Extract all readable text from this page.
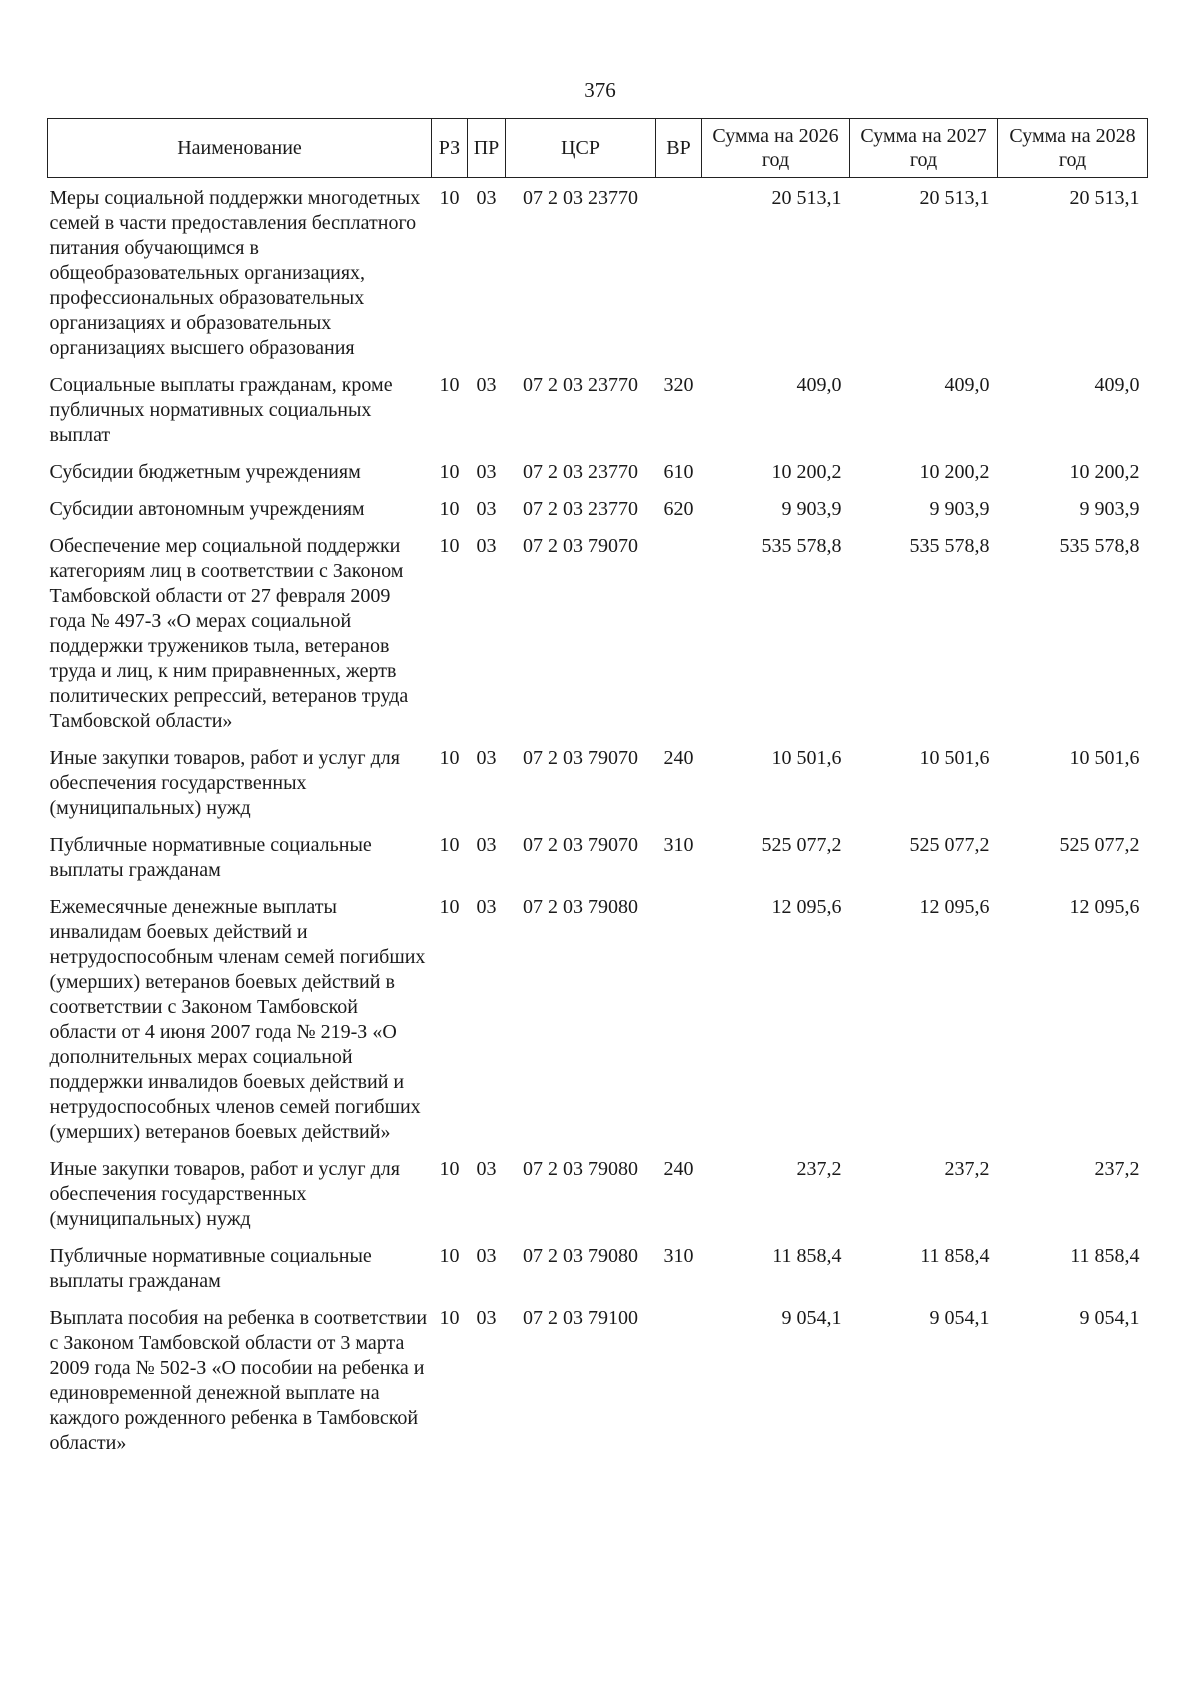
376
Наименование	РЗ	ПР	ЦСР	ВР	Сумма на 2026 год	Сумма на 2027 год	Сумма на 2028 год
Меры социальной поддержки многодетных семей в части предоставления бесплатного питания обучающимся в общеобразовательных организациях, профессиональных образовательных организациях и образовательных организациях высшего образования	10	03	07 2 03 23770		20 513,1	20 513,1	20 513,1
Социальные выплаты гражданам, кроме публичных нормативных социальных выплат	10	03	07 2 03 23770	320	409,0	409,0	409,0
Субсидии бюджетным учреждениям	10	03	07 2 03 23770	610	10 200,2	10 200,2	10 200,2
Субсидии автономным учреждениям	10	03	07 2 03 23770	620	9 903,9	9 903,9	9 903,9
Обеспечение мер социальной поддержки категориям лиц в соответствии с Законом Тамбовской области от 27 февраля 2009 года № 497-З «О мерах социальной поддержки тружеников тыла, ветеранов труда и лиц, к ним приравненных, жертв политических репрессий, ветеранов труда Тамбовской области»	10	03	07 2 03 79070		535 578,8	535 578,8	535 578,8
Иные закупки товаров, работ и услуг для обеспечения государственных (муниципальных) нужд	10	03	07 2 03 79070	240	10 501,6	10 501,6	10 501,6
Публичные нормативные социальные выплаты гражданам	10	03	07 2 03 79070	310	525 077,2	525 077,2	525 077,2
Ежемесячные денежные выплаты инвалидам боевых действий и нетрудоспособным членам семей погибших (умерших) ветеранов боевых действий в соответствии с Законом Тамбовской области от 4 июня 2007 года № 219-З «О дополнительных мерах социальной поддержки инвалидов боевых действий и нетрудоспособных членов семей погибших (умерших) ветеранов боевых действий»	10	03	07 2 03 79080		12 095,6	12 095,6	12 095,6
Иные закупки товаров, работ и услуг для обеспечения государственных (муниципальных) нужд	10	03	07 2 03 79080	240	237,2	237,2	237,2
Публичные нормативные социальные выплаты гражданам	10	03	07 2 03 79080	310	11 858,4	11 858,4	11 858,4
Выплата пособия на ребенка в соответствии с Законом Тамбовской области от 3 марта 2009 года № 502-З «О пособии на ребенка и единовременной денежной выплате на каждого рожденного ребенка в Тамбовской области»	10	03	07 2 03 79100		9 054,1	9 054,1	9 054,1
